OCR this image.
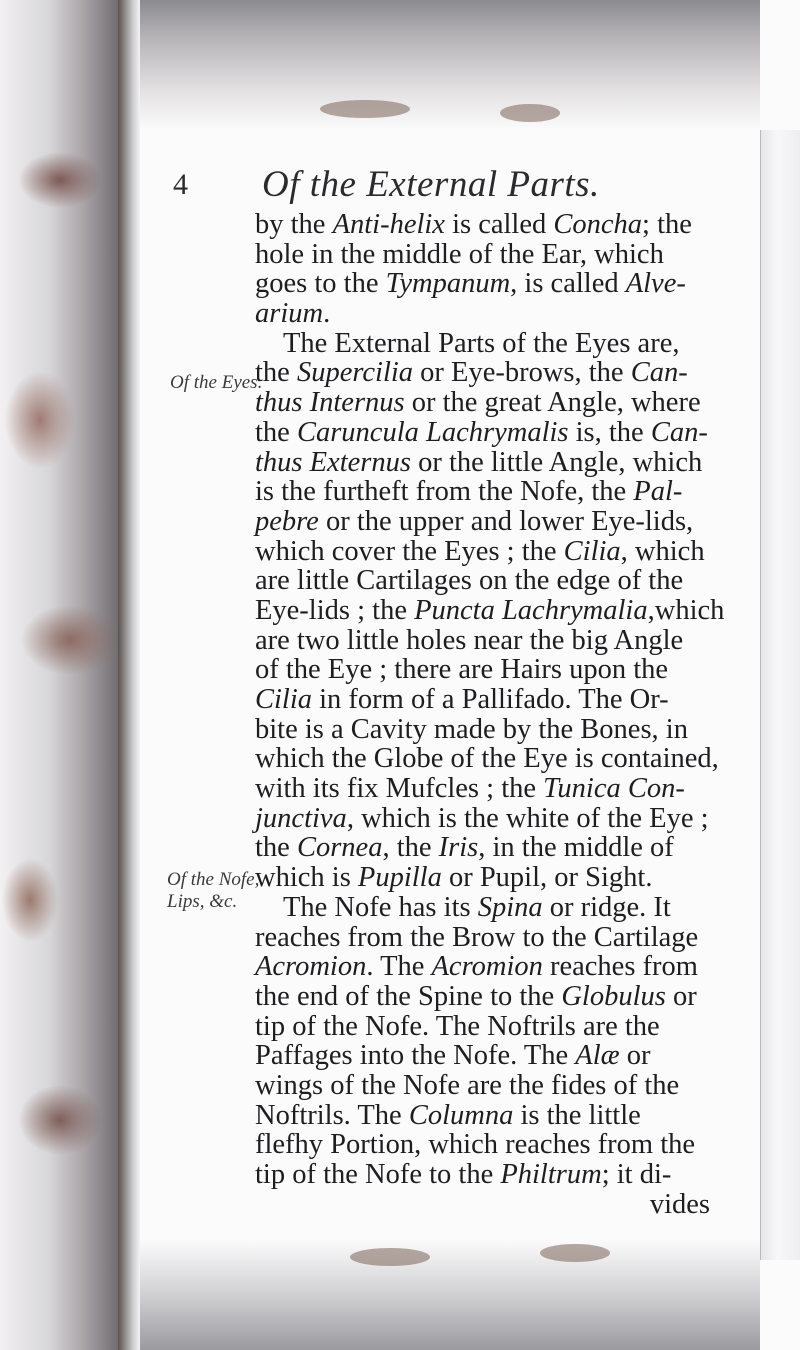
4 Of the External Parts.
Of the Eyes.
Of the Nofe,
Lips, &c.
by the Anti-helix is called Concha; the
hole in the middle of the Ear, which
goes to the Tympanum, is called Alve-
arium.
The External Parts of the Eyes are,
the Supercilia or Eye-brows, the Can-
thus Internus or the great Angle, where
the Caruncula Lachrymalis is, the Can-
thus Externus or the little Angle, which
is the furtheft from the Nofe, the Pal-
pebre or the upper and lower Eye-lids,
which cover the Eyes ; the Cilia, which
are little Cartilages on the edge of the
Eye-lids ; the Puncta Lachrymalia,which
are two little holes near the big Angle
of the Eye ; there are Hairs upon the
Cilia in form of a Pallifado. The Or-
bite is a Cavity made by the Bones, in
which the Globe of the Eye is contained,
with its fix Mufcles ; the Tunica Con-
junctiva, which is the white of the Eye ;
the Cornea, the Iris, in the middle of
which is Pupilla or Pupil, or Sight.
The Nofe has its Spina or ridge. It
reaches from the Brow to the Cartilage
Acromion. The Acromion reaches from
the end of the Spine to the Globulus or
tip of the Nofe. The Noftrils are the
Paffages into the Nofe. The Alæ or
wings of the Nofe are the fides of the
Noftrils. The Columna is the little
flefhy Portion, which reaches from the
tip of the Nofe to the Philtrum; it di-
vides
